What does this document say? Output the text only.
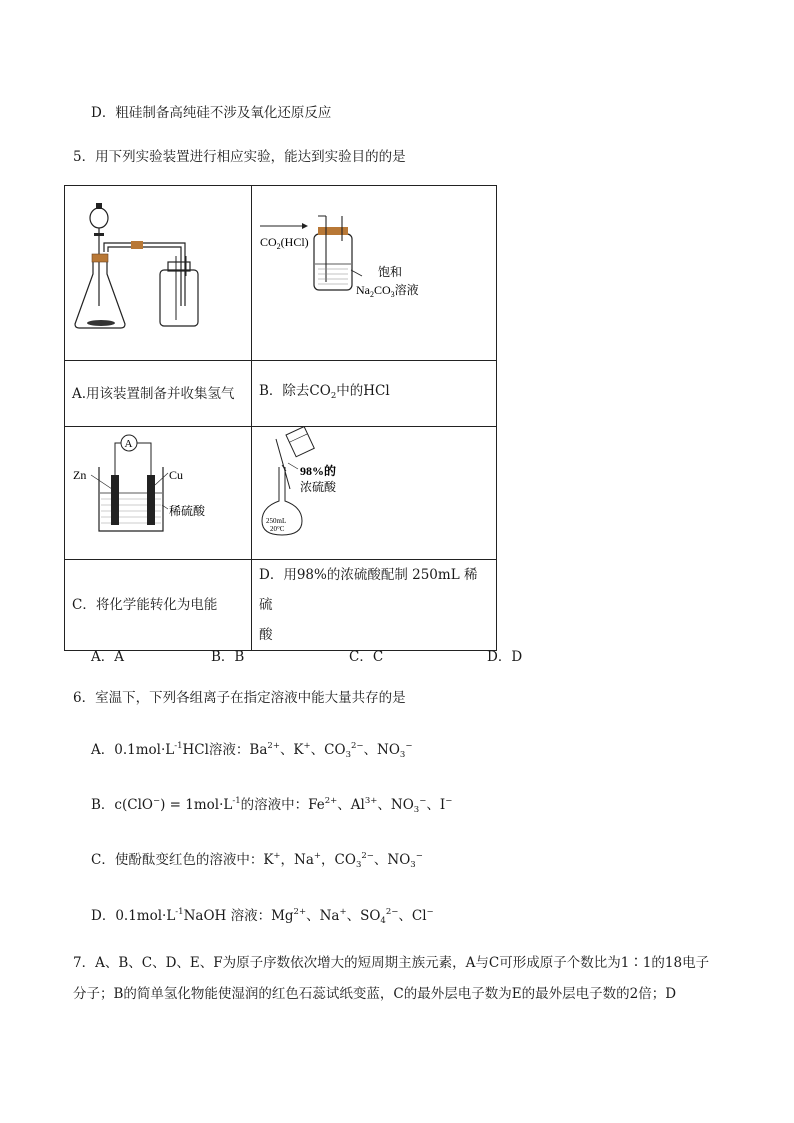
D．粗硅制备高纯硅不涉及氧化还原反应
5．用下列实验装置进行相应实验，能达到实验目的的是

$CO_2(HCl)$
饱和
$Na_2CO_3$溶液

A.用该装置制备并收集氢气	B．除去$CO_2$中的HCl

A
Zn Cu
稀硫酸	250mL
20°C
98%的
浓硫酸

C．将化学能转化为电能	D．用98%的浓硫酸配制 250mL 稀硫
酸
A．A	B．B	C．C	D．D
6．室温下，下列各组离子在指定溶液中能大量共存的是
A．$0.1mol\cdot L^{-1}HCl$溶液：$Ba^{2+}$、K+、$CO_3^{2-}$、$NO_3^-$
B．$c(ClO^-) = 1mol\cdot L^{-1}$的溶液中：$Fe^{2+}$、$Al^{3+}$、$NO_3^-$、I−
C．使酚酞变红色的溶液中：K+，Na+，$CO_3^{2-}$、$NO_3^-$
D．$0.1mol\cdot L^{-1}NaOH$ 溶液：$Mg^{2+}$、Na+、$SO_4^{2-}$、Cl−
7．A、B、C、D、E、F为原子序数依次增大的短周期主族元素，A与C可形成原子个数比为1∶1的18电子
分子；B的简单氢化物能使湿润的红色石蕊试纸变蓝，C的最外层电子数为E的最外层电子数的2倍；D
